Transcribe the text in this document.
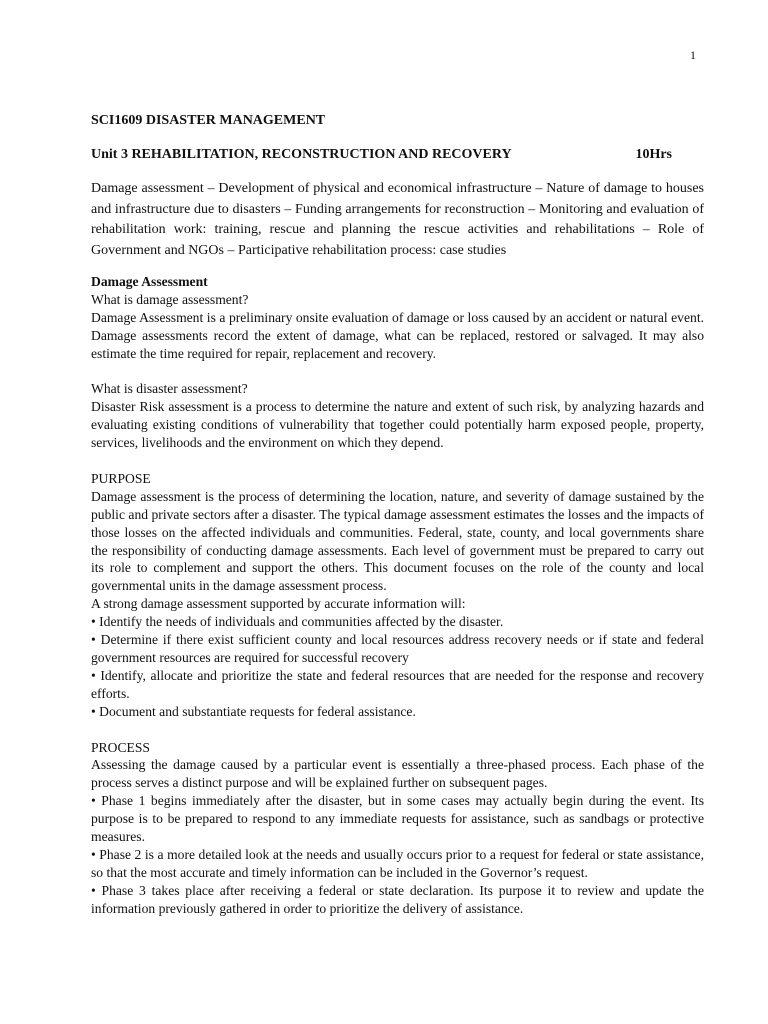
1

SCI1609 DISASTER MANAGEMENT

Unit 3 REHABILITATION, RECONSTRUCTION AND RECOVERY	10Hrs

Damage assessment – Development of physical and economical infrastructure – Nature of damage to houses and infrastructure due to disasters – Funding arrangements for reconstruction – Monitoring and evaluation of rehabilitation work: training, rescue and planning the rescue activities and rehabilitations – Role of Government and NGOs – Participative rehabilitation process: case studies

Damage Assessment

What is damage assessment?

Damage Assessment is a preliminary onsite evaluation of damage or loss caused by an accident or natural event. Damage assessments record the extent of damage, what can be replaced, restored or salvaged. It may also estimate the time required for repair, replacement and recovery.

What is disaster assessment?

Disaster Risk assessment is a process to determine the nature and extent of such risk, by analyzing hazards and evaluating existing conditions of vulnerability that together could potentially harm exposed people, property, services, livelihoods and the environment on which they depend.

PURPOSE

Damage assessment is the process of determining the location, nature, and severity of damage sustained by the public and private sectors after a disaster. The typical damage assessment estimates the losses and the impacts of those losses on the affected individuals and communities. Federal, state, county, and local governments share the responsibility of conducting damage assessments. Each level of government must be prepared to carry out its role to complement and support the others. This document focuses on the role of the county and local governmental units in the damage assessment process.

A strong damage assessment supported by accurate information will:

• Identify the needs of individuals and communities affected by the disaster.

• Determine if there exist sufficient county and local resources address recovery needs or if state and federal government resources are required for successful recovery

• Identify, allocate and prioritize the state and federal resources that are needed for the response and recovery efforts.

• Document and substantiate requests for federal assistance.

PROCESS

Assessing the damage caused by a particular event is essentially a three-phased process. Each phase of the process serves a distinct purpose and will be explained further on subsequent pages.

• Phase 1 begins immediately after the disaster, but in some cases may actually begin during the event. Its purpose is to be prepared to respond to any immediate requests for assistance, such as sandbags or protective measures.

• Phase 2 is a more detailed look at the needs and usually occurs prior to a request for federal or state assistance, so that the most accurate and timely information can be included in the Governor’s request.

• Phase 3 takes place after receiving a federal or state declaration. Its purpose it to review and update the information previously gathered in order to prioritize the delivery of assistance.
